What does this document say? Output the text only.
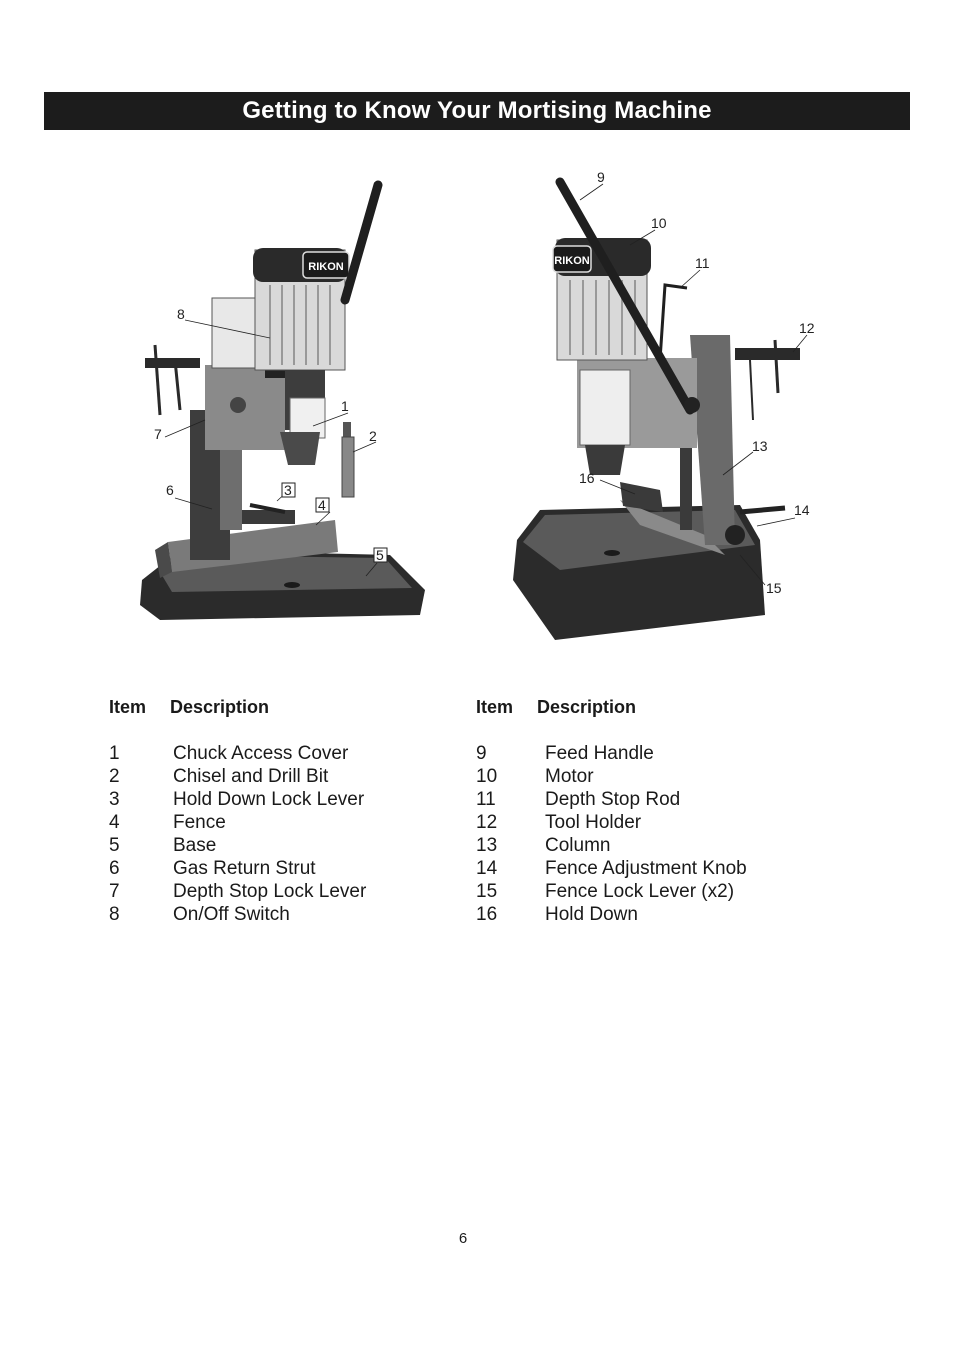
Getting to Know Your Mortising Machine
RIKON
8
1
2
3
4
5
6
7
RIKON
9
10
11
12
13
14
15
16
Item Description
1	Chuck Access Cover
2	Chisel and Drill Bit
3	Hold Down Lock Lever
4	Fence
5	Base
6	Gas Return Strut
7	Depth Stop Lock Lever
8	On/Off Switch
Item Description
9	Feed Handle
10	Motor
11	Depth Stop Rod
12	Tool Holder
13	Column
14	Fence Adjustment Knob
15	Fence Lock Lever (x2)
16	Hold Down
6
